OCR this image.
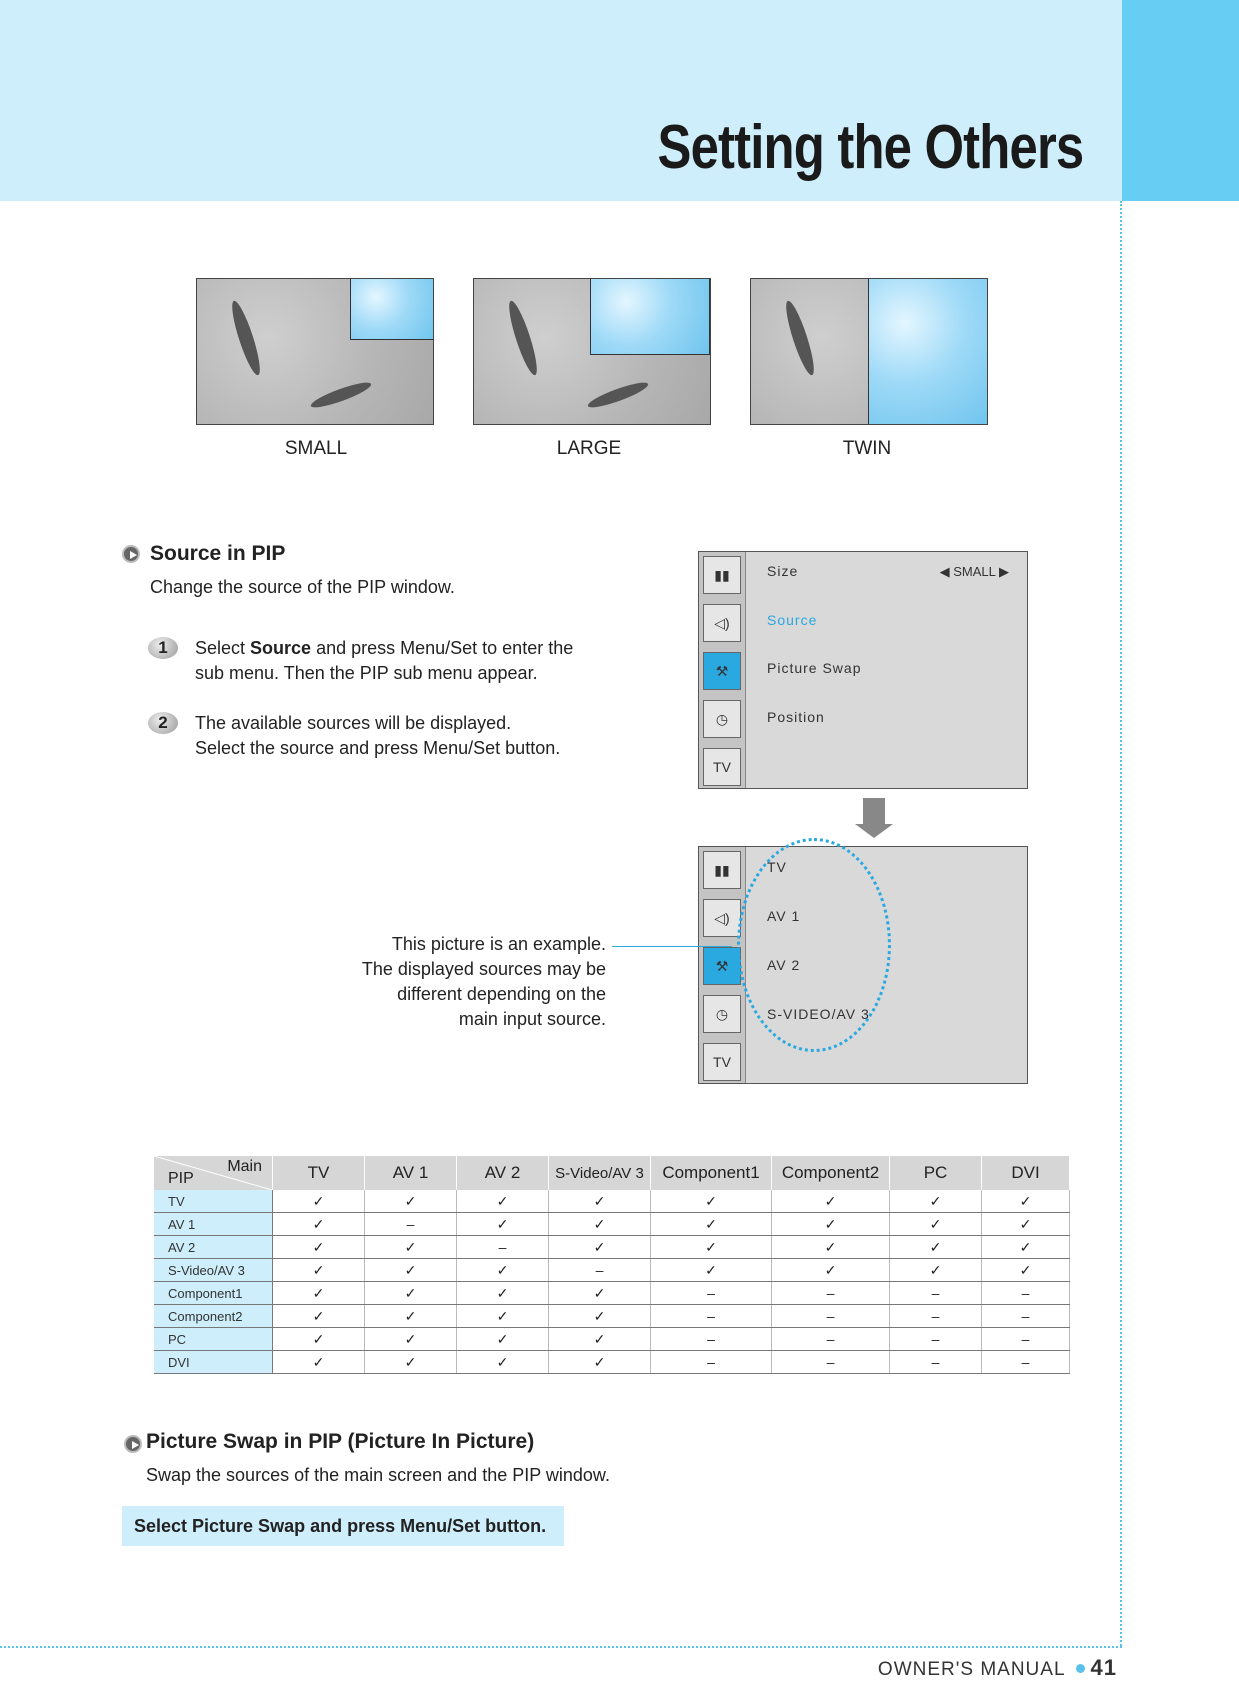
Setting the Others
SMALL	LARGE	TWIN
Source in PIP
Change the source of the PIP window.
1	Select Source and press Menu/Set to enter the
sub menu. Then the PIP sub menu appear.
2	The available sources will be displayed.
Select the source and press Menu/Set button.
▮▮
◁)
⚒
◷
TV
Size	◀ SMALL ▶
Source
Picture Swap
Position
▮▮
◁)
⚒
◷
TV
TV
AV 1
AV 2
S-VIDEO/AV 3
This picture is an example.
The displayed sources may be
different depending on the
main input source.
PIP
Main	TV	AV 1	AV 2	S-Video/AV 3	Component1	Component2	PC	DVI
TV	✓	✓	✓	✓	✓	✓	✓	✓
AV 1	✓	–	✓	✓	✓	✓	✓	✓
AV 2	✓	✓	–	✓	✓	✓	✓	✓
S-Video/AV 3	✓	✓	✓	–	✓	✓	✓	✓
Component1	✓	✓	✓	✓	–	–	–	–
Component2	✓	✓	✓	✓	–	–	–	–
PC	✓	✓	✓	✓	–	–	–	–
DVI	✓	✓	✓	✓	–	–	–	–
Picture Swap in PIP (Picture In Picture)
Swap the sources of the main screen and the PIP window.
Select Picture Swap and press Menu/Set button.
OWNER'S MANUAL 41
